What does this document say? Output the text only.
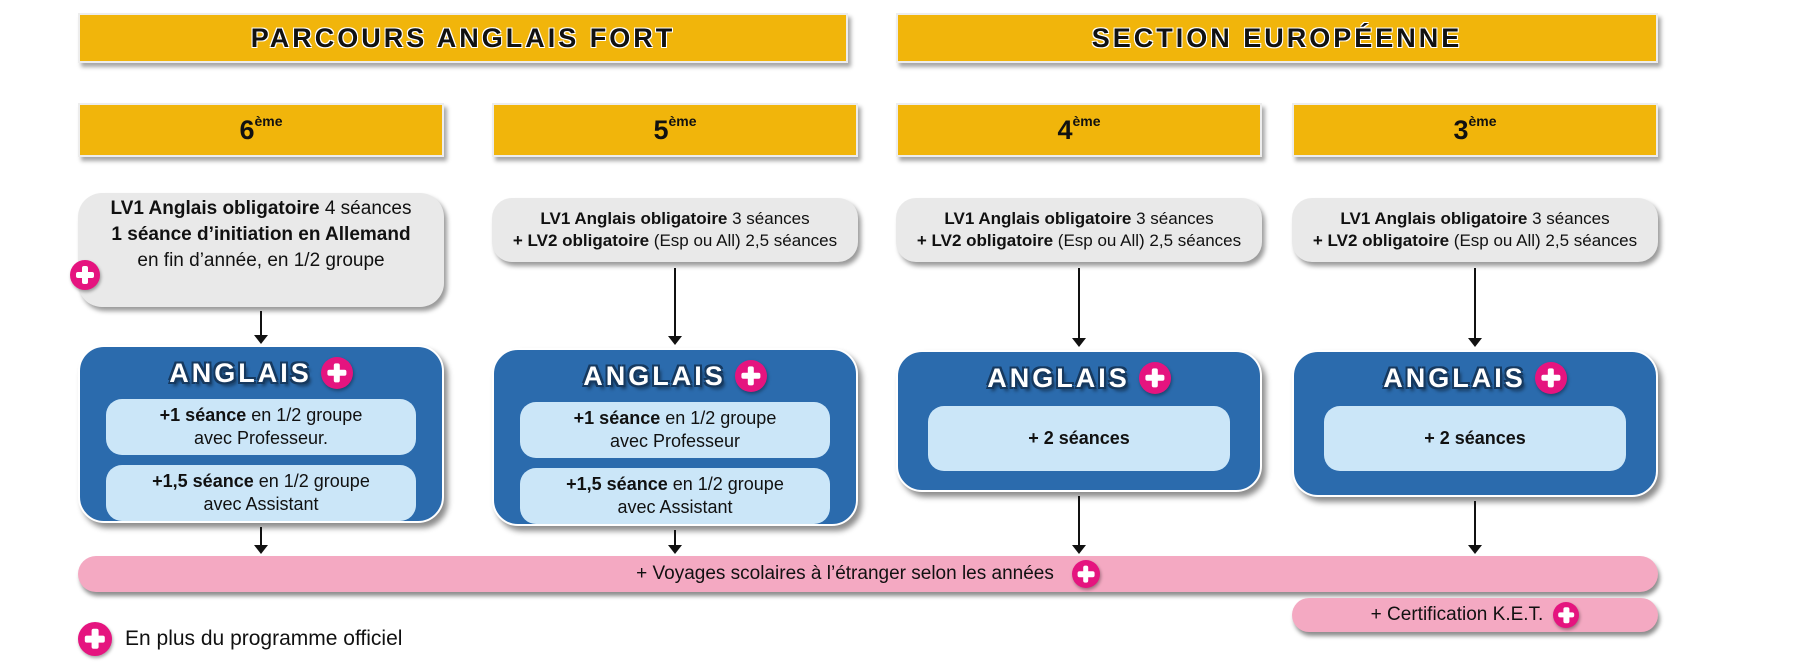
PARCOURS ANGLAIS FORT	SECTION EUROPÉENNE
6 ème	5 ème	4 ème	3 ème
LV1 Anglais obligatoire 4 séances
1 séance d’initiation en Allemand
en fin d’année, en 1/2 groupe
LV1 Anglais obligatoire 3 séances
+ LV2 obligatoire (Esp ou All) 2,5 séances
LV1 Anglais obligatoire 3 séances
+ LV2 obligatoire (Esp ou All) 2,5 séances
LV1 Anglais obligatoire 3 séances
+ LV2 obligatoire (Esp ou All) 2,5 séances
ANGLAIS
+1 séance en 1/2 groupe
avec Professeur.
+1,5 séance en 1/2 groupe
avec Assistant
ANGLAIS
+1 séance en 1/2 groupe
avec Professeur
+1,5 séance en 1/2 groupe
avec Assistant
ANGLAIS
+ 2 séances
ANGLAIS
+ 2 séances
+ Voyages scolaires à l’étranger selon les années
+ Certification K.E.T.
En plus du programme officiel
